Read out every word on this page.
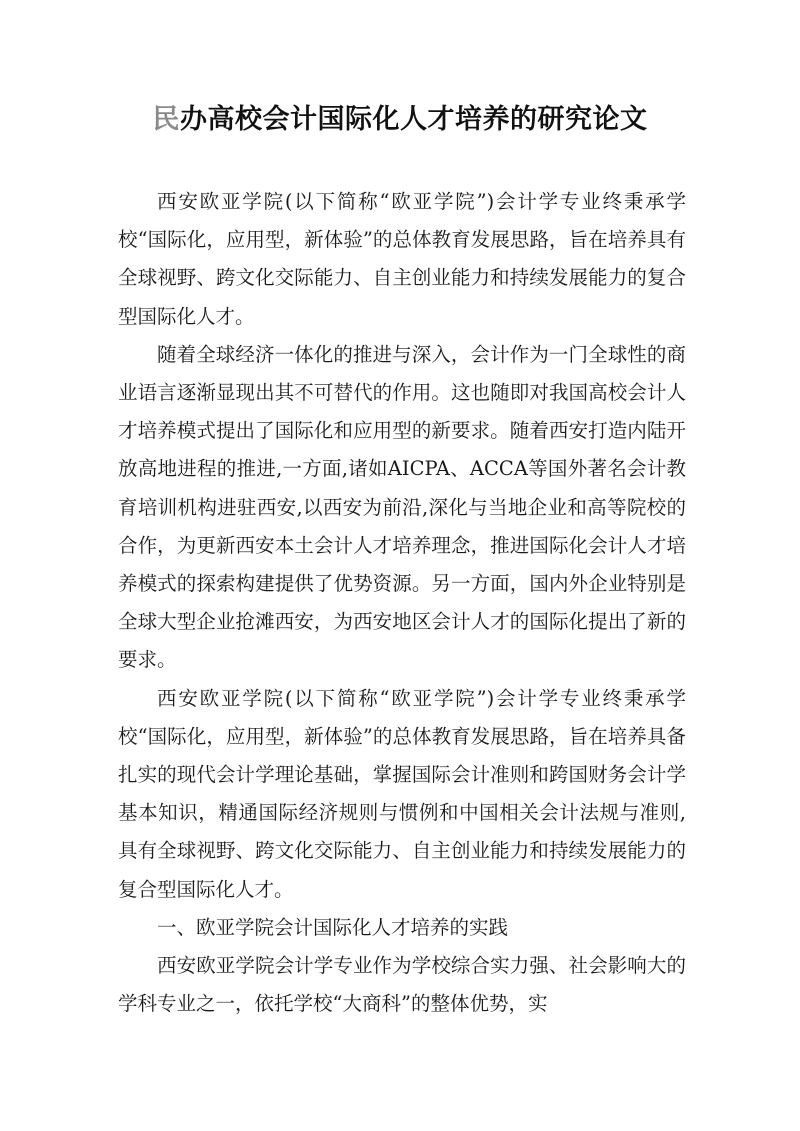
民办高校会计国际化人才培养的研究论文

西安欧亚学院(以下简称“欧亚学院”)会计学专业终秉承学校“国际化，应用型，新体验”的总体教育发展思路，旨在培养具有全球视野、跨文化交际能力、自主创业能力和持续发展能力的复合型国际化人才。

随着全球经济一体化的推进与深入，会计作为一门全球性的商业语言逐渐显现出其不可替代的作用。这也随即对我国高校会计人才培养模式提出了国际化和应用型的新要求。随着西安打造内陆开放高地进程的推进,一方面,诸如AICPA、ACCA等国外著名会计教育培训机构进驻西安,以西安为前沿,深化与当地企业和高等院校的合作，为更新西安本土会计人才培养理念，推进国际化会计人才培养模式的探索构建提供了优势资源。另一方面，国内外企业特别是全球大型企业抢滩西安，为西安地区会计人才的国际化提出了新的要求。

西安欧亚学院(以下简称“欧亚学院”)会计学专业终秉承学校“国际化，应用型，新体验”的总体教育发展思路，旨在培养具备扎实的现代会计学理论基础，掌握国际会计准则和跨国财务会计学基本知识，精通国际经济规则与惯例和中国相关会计法规与准则,具有全球视野、跨文化交际能力、自主创业能力和持续发展能力的复合型国际化人才。

一、欧亚学院会计国际化人才培养的实践

西安欧亚学院会计学专业作为学校综合实力强、社会影响大的学科专业之一，依托学校“大商科”的整体优势，实
